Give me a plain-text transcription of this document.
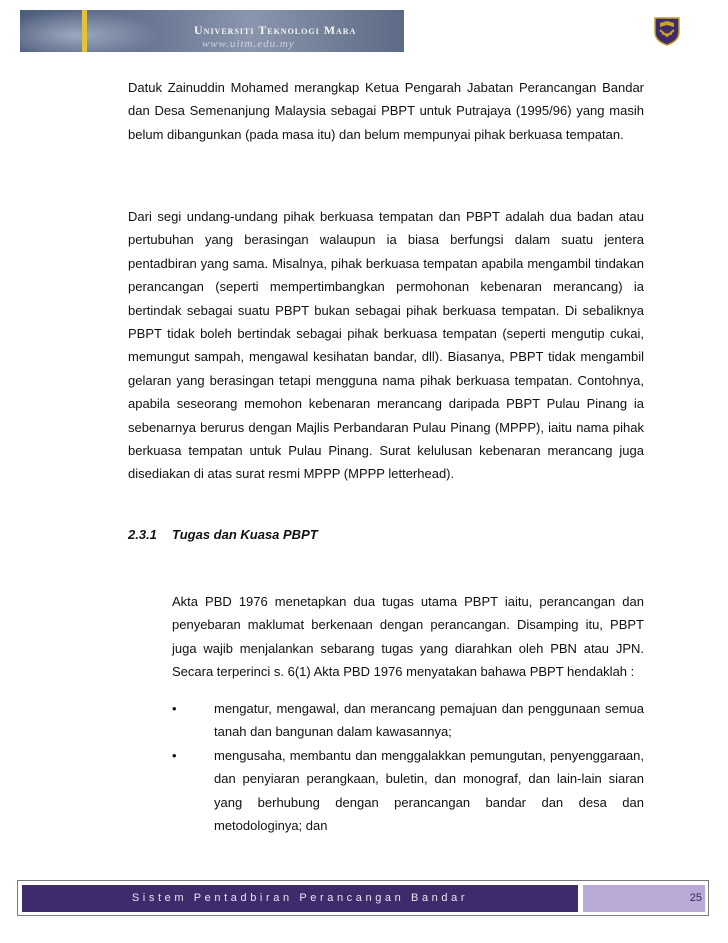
Universiti Teknologi Mara
www.uitm.edu.my

Datuk Zainuddin Mohamed merangkap Ketua Pengarah Jabatan Perancangan Bandar dan Desa Semenanjung Malaysia sebagai PBPT untuk Putrajaya (1995/96) yang masih belum dibangunkan (pada masa itu) dan belum mempunyai pihak berkuasa tempatan.

Dari segi undang-undang pihak berkuasa tempatan dan PBPT adalah dua badan atau pertubuhan yang berasingan walaupun ia biasa berfungsi dalam suatu jentera pentadbiran yang sama. Misalnya, pihak berkuasa tempatan apabila mengambil tindakan perancangan (seperti mempertimbangkan permohonan kebenaran merancang) ia bertindak sebagai suatu PBPT bukan sebagai pihak berkuasa tempatan. Di sebaliknya PBPT tidak boleh bertindak sebagai pihak berkuasa tempatan (seperti mengutip cukai, memungut sampah, mengawal kesihatan bandar, dll). Biasanya, PBPT tidak mengambil gelaran yang berasingan tetapi mengguna nama pihak berkuasa tempatan. Contohnya, apabila seseorang memohon kebenaran merancang daripada PBPT Pulau Pinang ia sebenarnya berurus dengan Majlis Perbandaran Pulau Pinang (MPPP), iaitu nama pihak berkuasa tempatan untuk Pulau Pinang. Surat kelulusan kebenaran merancang juga disediakan di atas surat resmi MPPP (MPPP letterhead).

2.3.1 Tugas dan Kuasa PBPT

Akta PBD 1976 menetapkan dua tugas utama PBPT iaitu, perancangan dan penyebaran maklumat berkenaan dengan perancangan. Disamping itu, PBPT juga wajib menjalankan sebarang tugas yang diarahkan oleh PBN atau JPN. Secara terperinci s. 6(1) Akta PBD 1976 menyatakan bahawa PBPT hendaklah :

•	mengatur, mengawal, dan merancang pemajuan dan penggunaan semua tanah dan bangunan dalam kawasannya;
•	mengusaha, membantu dan menggalakkan pemungutan, penyenggaraan, dan penyiaran perangkaan, buletin, dan monograf, dan lain-lain siaran yang berhubung dengan perancangan bandar dan desa dan metodologinya; dan
Sistem Pentadbiran Perancangan Bandar	25
